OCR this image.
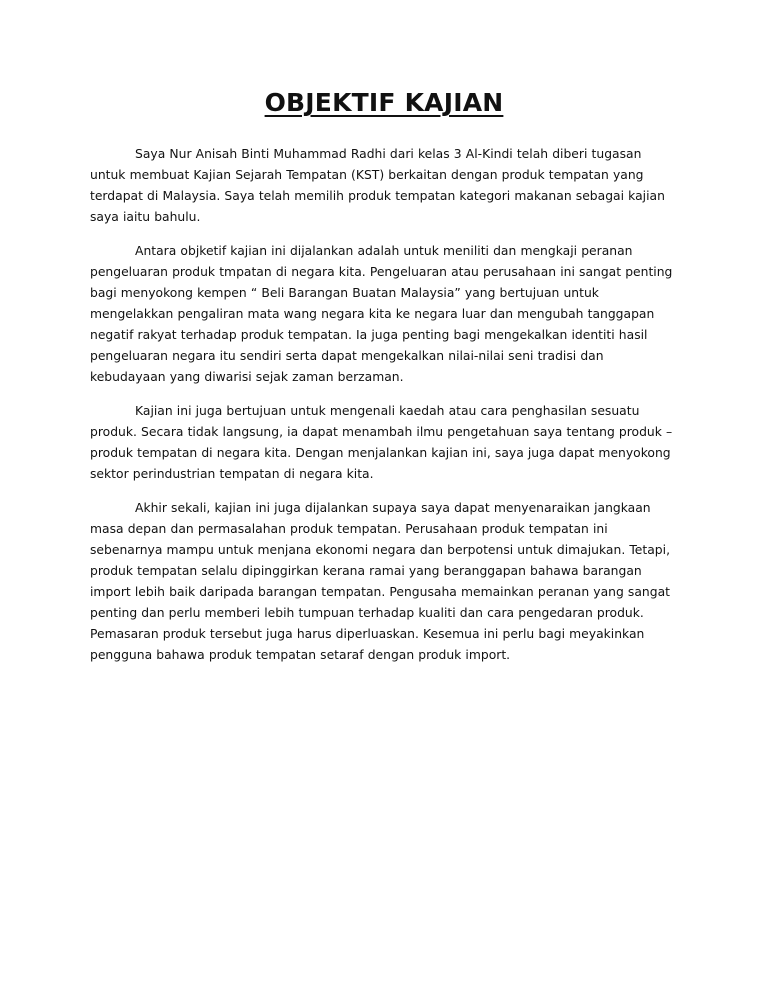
OBJEKTIF KAJIAN

Saya Nur Anisah Binti Muhammad Radhi dari kelas 3 Al-Kindi telah diberi tugasan untuk membuat Kajian Sejarah Tempatan (KST) berkaitan dengan produk tempatan yang terdapat di Malaysia. Saya telah memilih produk tempatan kategori makanan sebagai kajian saya iaitu bahulu.

Antara objketif kajian ini dijalankan adalah untuk meniliti dan mengkaji peranan pengeluaran produk tmpatan di negara kita. Pengeluaran atau perusahaan ini sangat penting bagi menyokong kempen “ Beli Barangan Buatan Malaysia” yang bertujuan untuk mengelakkan pengaliran mata wang negara kita ke negara luar dan mengubah tanggapan negatif rakyat terhadap produk tempatan. Ia juga penting bagi mengekalkan identiti hasil pengeluaran negara itu sendiri serta dapat mengekalkan nilai-nilai seni tradisi dan kebudayaan yang diwarisi sejak zaman berzaman.

Kajian ini juga bertujuan untuk mengenali kaedah atau cara penghasilan sesuatu produk. Secara tidak langsung, ia dapat menambah ilmu pengetahuan saya tentang produk –produk tempatan di negara kita. Dengan menjalankan kajian ini, saya juga dapat menyokong sektor perindustrian tempatan di negara kita.

Akhir sekali, kajian ini juga dijalankan supaya saya dapat menyenaraikan jangkaan masa depan dan permasalahan produk tempatan. Perusahaan produk tempatan ini sebenarnya mampu untuk menjana ekonomi negara dan berpotensi untuk dimajukan. Tetapi, produk tempatan selalu dipinggirkan kerana ramai yang beranggapan bahawa barangan import lebih baik daripada barangan tempatan. Pengusaha memainkan peranan yang sangat penting dan perlu memberi lebih tumpuan terhadap kualiti dan cara pengedaran produk. Pemasaran produk tersebut juga harus diperluaskan. Kesemua ini perlu bagi meyakinkan pengguna bahawa produk tempatan setaraf dengan produk import.
